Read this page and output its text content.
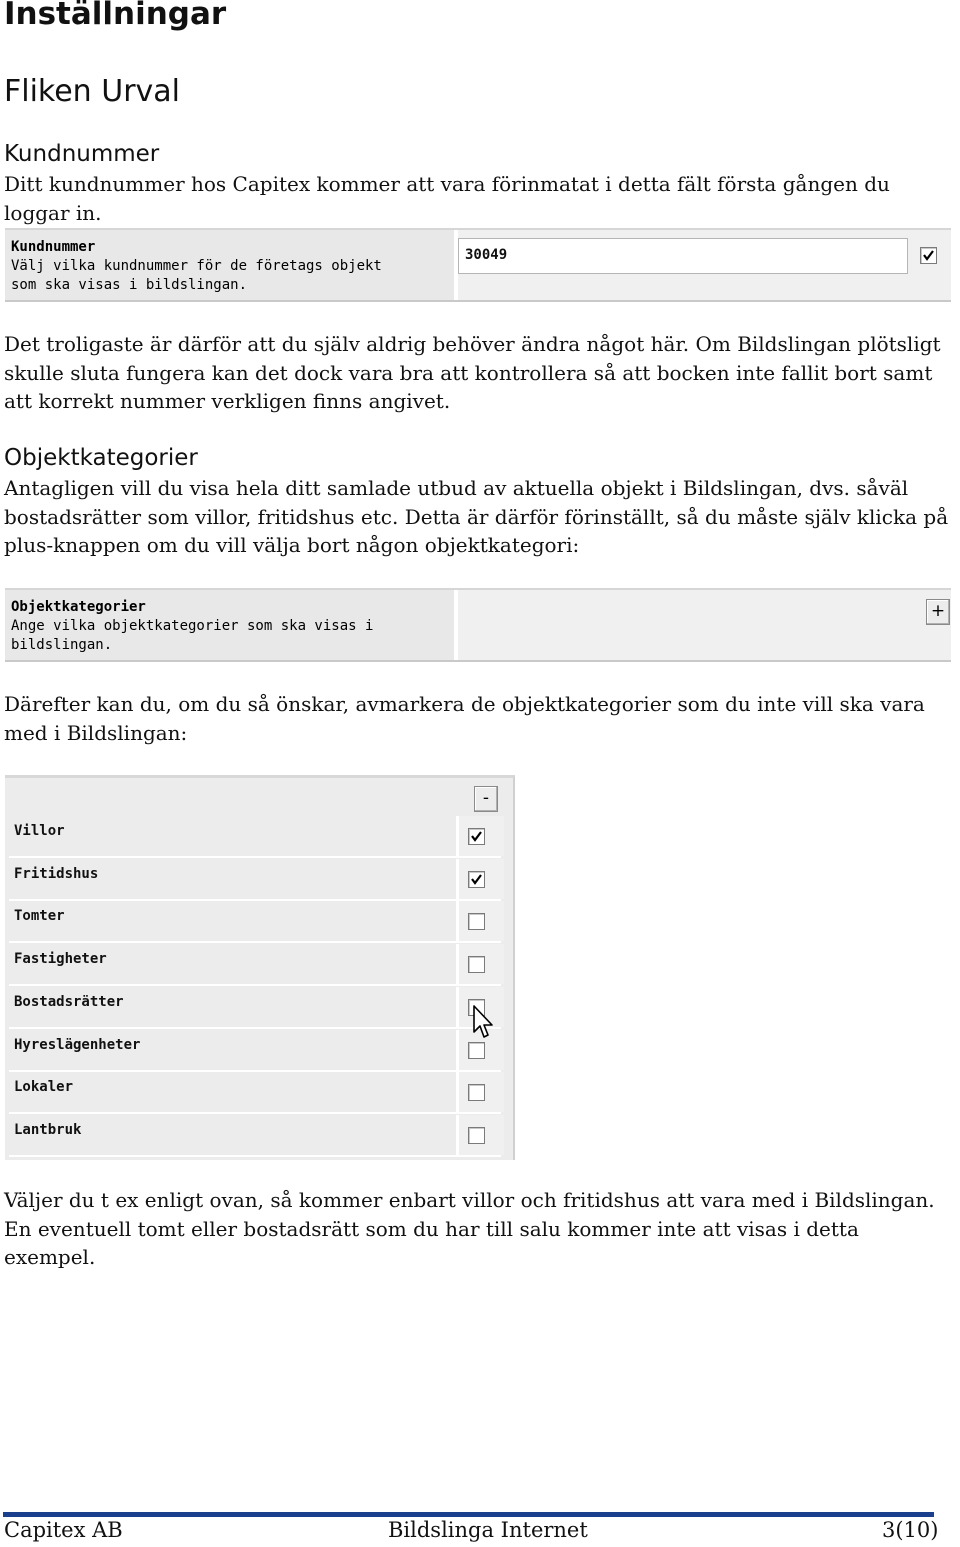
Inställningar
Fliken Urval
Kundnummer
Ditt kundnummer hos Capitex kommer att vara förinmatat i detta fält första gången du loggar in.
Kundnummer
Välj vilka kundnummer för de företags objekt
som ska visas i bildslingan.
30049
Det troligaste är därför att du själv aldrig behöver ändra något här. Om Bildslingan plötsligt skulle sluta fungera kan det dock vara bra att kontrollera så att bocken inte fallit bort samt att korrekt nummer verkligen finns angivet.
Objektkategorier
Antagligen vill du visa hela ditt samlade utbud av aktuella objekt i Bildslingan, dvs. såväl bostadsrätter som villor, fritidshus etc. Detta är därför förinställt, så du måste själv klicka på plus-knappen om du vill välja bort någon objektkategori:
Objektkategorier
Ange vilka objektkategorier som ska visas i
bildslingan.
+
Därefter kan du, om du så önskar, avmarkera de objektkategorier som du inte vill ska vara med i Bildslingan:
-
Villor
Fritidshus
Tomter
Fastigheter
Bostadsrätter
Hyreslägenheter
Lokaler
Lantbruk
Väljer du t ex enligt ovan, så kommer enbart villor och fritidshus att vara med i Bildslingan. En eventuell tomt eller bostadsrätt som du har till salu kommer inte att visas i detta exempel.
Capitex AB	Bildslinga Internet	3(10)
